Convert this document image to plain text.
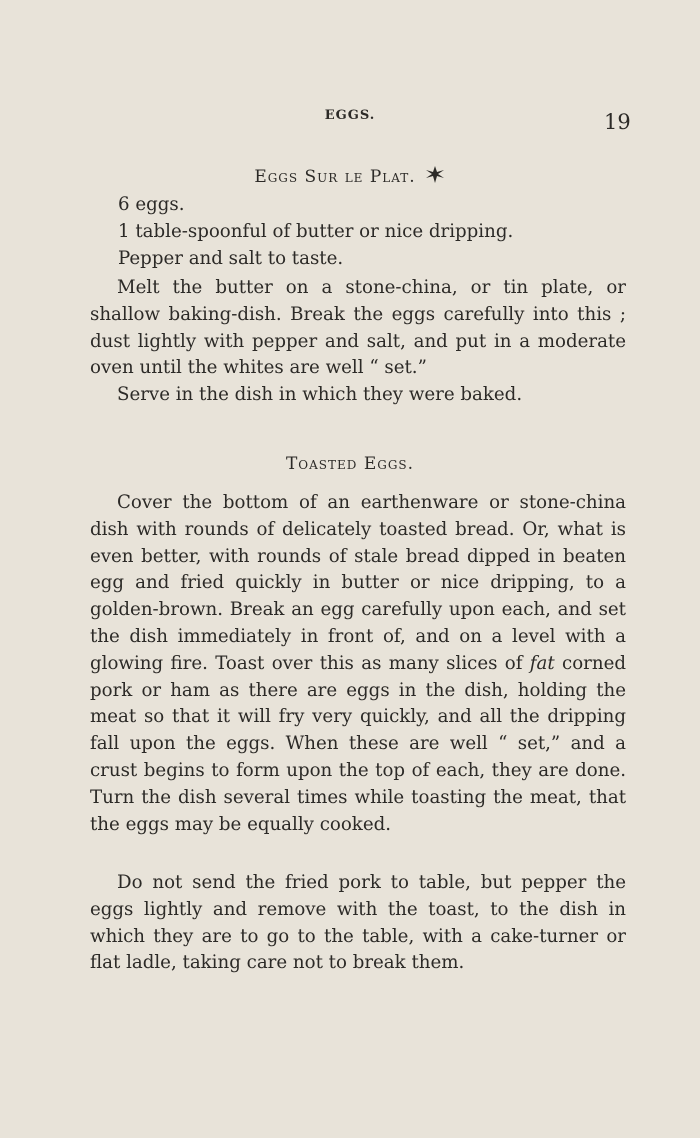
EGGS.	19
Eggs Sur le Plat.
6 eggs.
1 table-spoonful of butter or nice dripping.
Pepper and salt to taste.

Melt the butter on a stone-china, or tin plate, or shallow baking-dish. Break the eggs carefully into this ; dust lightly with pepper and salt, and put in a moderate oven until the whites are well “ set.”

Serve in the dish in which they were baked.

Toasted Eggs.

Cover the bottom of an earthenware or stone-china dish with rounds of delicately toasted bread. Or, what is even better, with rounds of stale bread dipped in beaten egg and fried quickly in butter or nice dripping, to a golden-brown. Break an egg carefully upon each, and set the dish immediately in front of, and on a level with a glowing fire. Toast over this as many slices of fat corned pork or ham as there are eggs in the dish, holding the meat so that it will fry very quickly, and all the dripping fall upon the eggs. When these are well “ set,” and a crust begins to form upon the top of each, they are done. Turn the dish several times while toasting the meat, that the eggs may be equally cooked.

Do not send the fried pork to table, but pepper the eggs lightly and remove with the toast, to the dish in which they are to go to the table, with a cake-turner or flat ladle, taking care not to break them.
